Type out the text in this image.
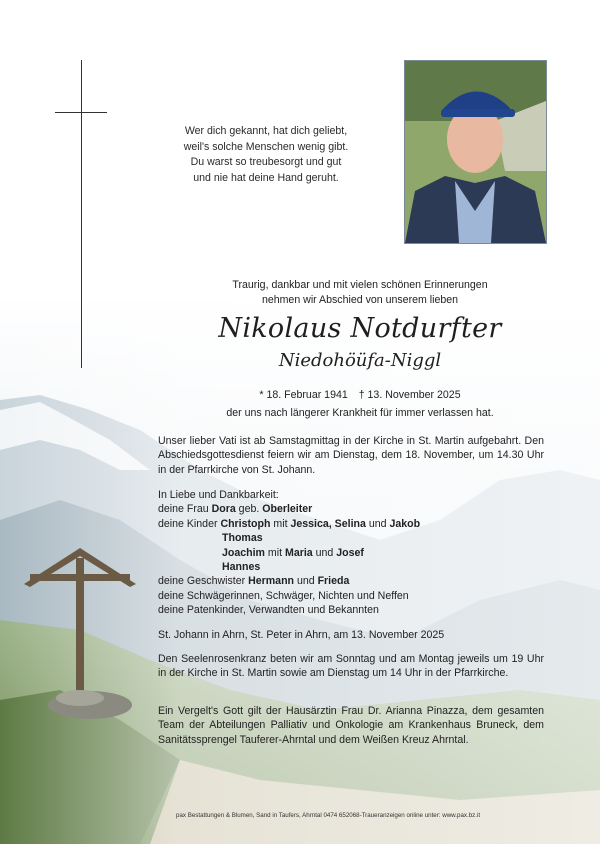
Wer dich gekannt, hat dich geliebt,
weil's solche Menschen wenig gibt.
Du warst so treubesorgt und gut
und nie hat deine Hand geruht.
Traurig, dankbar und mit vielen schönen Erinnerungen
nehmen wir Abschied von unserem lieben
Nikolaus Notdurfter
Niedohöüfa-Niggl
* 18. Februar 1941 † 13. November 2025
der uns nach längerer Krankheit für immer verlassen hat.
Unser lieber Vati ist ab Samstagmittag in der Kirche in St. Martin aufgebahrt. Den Abschiedsgottesdienst feiern wir am Dienstag, dem 18. November, um 14.30 Uhr in der Pfarrkirche von St. Johann.
In Liebe und Dankbarkeit:
deine Frau Dora geb. Oberleiter
deine Kinder Christoph mit Jessica, Selina und Jakob
Thomas
Joachim mit Maria und Josef
Hannes
deine Geschwister Hermann und Frieda
deine Schwägerinnen, Schwäger, Nichten und Neffen
deine Patenkinder, Verwandten und Bekannten
St. Johann in Ahrn, St. Peter in Ahrn, am 13. November 2025
Den Seelenrosenkranz beten wir am Sonntag und am Montag jeweils um 19 Uhr in der Kirche in St. Martin sowie am Dienstag um 14 Uhr in der Pfarrkirche.
Ein Vergelt's Gott gilt der Hausärztin Frau Dr. Arianna Pinazza, dem gesamten Team der Abteilungen Palliativ und Onkologie am Krankenhaus Bruneck, dem Sanitätssprengel Tauferer-Ahrntal und dem Weißen Kreuz Ahrntal.
pax Bestattungen & Blumen, Sand in Taufers, Ahrntal 0474 652068-Traueranzeigen online unter: www.pax.bz.it
